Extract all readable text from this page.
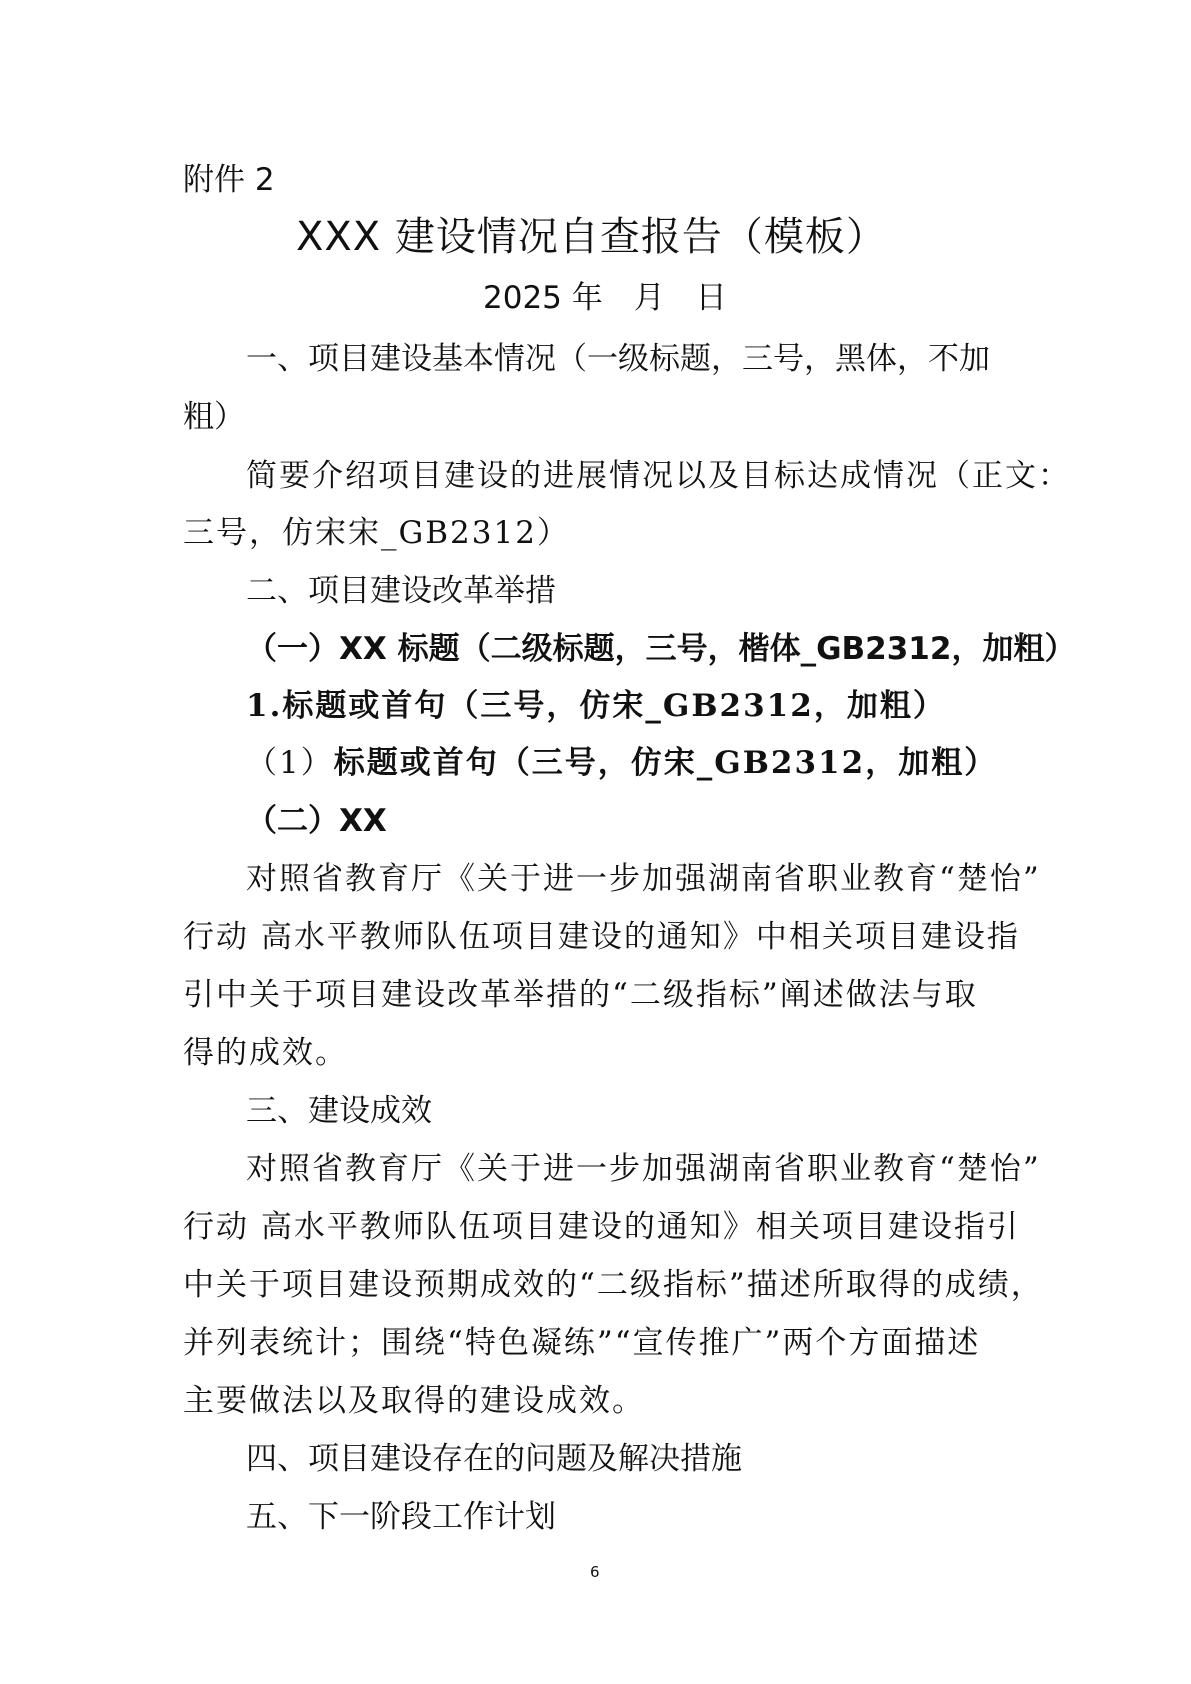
附件 2
XXX 建设情况自查报告（模板）
2025 年　月　日
一、项目建设基本情况（一级标题，三号，黑体，不加
粗）
简要介绍项目建设的进展情况以及目标达成情况（正文：
三号，仿宋宋_GB2312）
二、项目建设改革举措
（一）XX 标题（二级标题，三号，楷体_GB2312，加粗）
1.标题或首句（三号，仿宋_GB2312，加粗）
（1）标题或首句（三号，仿宋_GB2312，加粗）
（二）XX
对照省教育厅《关于进一步加强湖南省职业教育“楚怡”
行动 高水平教师队伍项目建设的通知》中相关项目建设指
引中关于项目建设改革举措的“二级指标”阐述做法与取
得的成效。
三、建设成效
对照省教育厅《关于进一步加强湖南省职业教育“楚怡”
行动 高水平教师队伍项目建设的通知》相关项目建设指引
中关于项目建设预期成效的“二级指标”描述所取得的成绩，
并列表统计；围绕“特色凝练”“宣传推广”两个方面描述
主要做法以及取得的建设成效。
四、项目建设存在的问题及解决措施
五、下一阶段工作计划
6
